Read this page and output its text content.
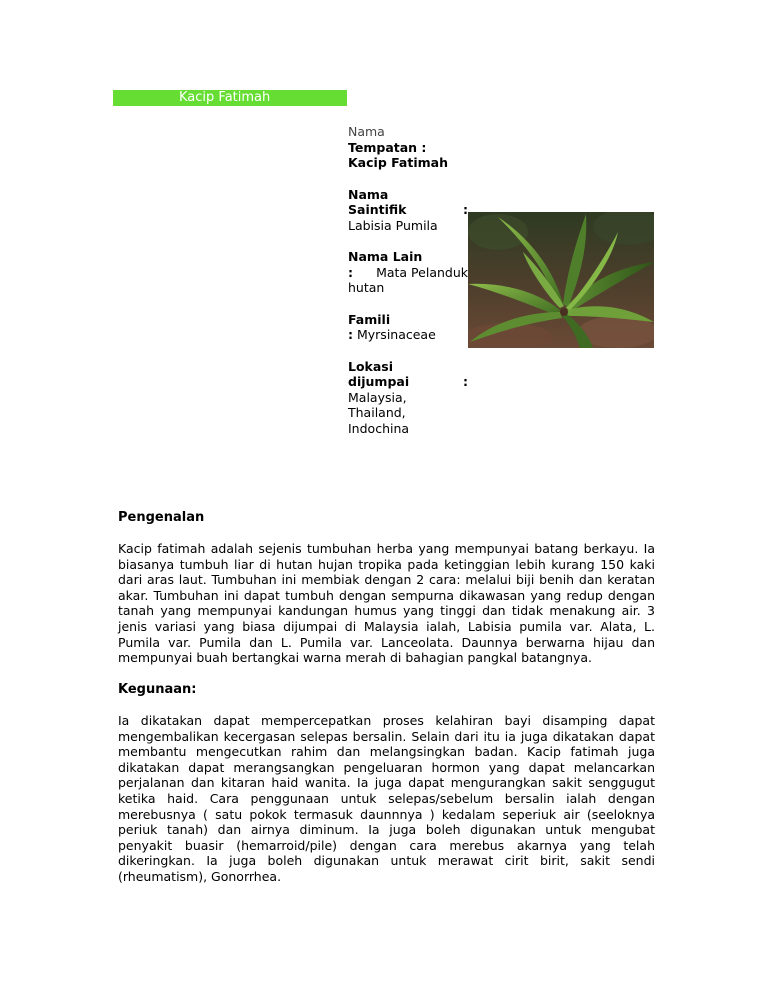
Kacip Fatimah
Nama
Tempatan :
Kacip Fatimah
Nama
Saintifik	:
Labisia Pumila
Nama Lain
: Mata Pelanduk
hutan
Famili
: Myrsinaceae
Lokasi
dijumpai	:
Malaysia,
Thailand,
Indochina
Pengenalan
Kacip fatimah adalah sejenis tumbuhan herba yang mempunyai batang berkayu. Ia
biasanya tumbuh liar di hutan hujan tropika pada ketinggian lebih kurang 150 kaki
dari aras laut. Tumbuhan ini membiak dengan 2 cara: melalui biji benih dan keratan
akar. Tumbuhan ini dapat tumbuh dengan sempurna dikawasan yang redup dengan
tanah yang mempunyai kandungan humus yang tinggi dan tidak menakung air. 3
jenis variasi yang biasa dijumpai di Malaysia ialah, Labisia pumila var. Alata, L.
Pumila var. Pumila dan L. Pumila var. Lanceolata. Daunnya berwarna hijau dan
mempunyai buah bertangkai warna merah di bahagian pangkal batangnya.
Kegunaan:
Ia dikatakan dapat mempercepatkan proses kelahiran bayi disamping dapat
mengembalikan kecergasan selepas bersalin. Selain dari itu ia juga dikatakan dapat
membantu mengecutkan rahim dan melangsingkan badan. Kacip fatimah juga
dikatakan dapat merangsangkan pengeluaran hormon yang dapat melancarkan
perjalanan dan kitaran haid wanita. Ia juga dapat mengurangkan sakit senggugut
ketika haid. Cara penggunaan untuk selepas/sebelum bersalin ialah dengan
merebusnya ( satu pokok termasuk daunnnya ) kedalam seperiuk air (seeloknya
periuk tanah) dan airnya diminum. Ia juga boleh digunakan untuk mengubat
penyakit buasir (hemarroid/pile) dengan cara merebus akarnya yang telah
dikeringkan. Ia juga boleh digunakan untuk merawat cirit birit, sakit sendi
(rheumatism), Gonorrhea.
